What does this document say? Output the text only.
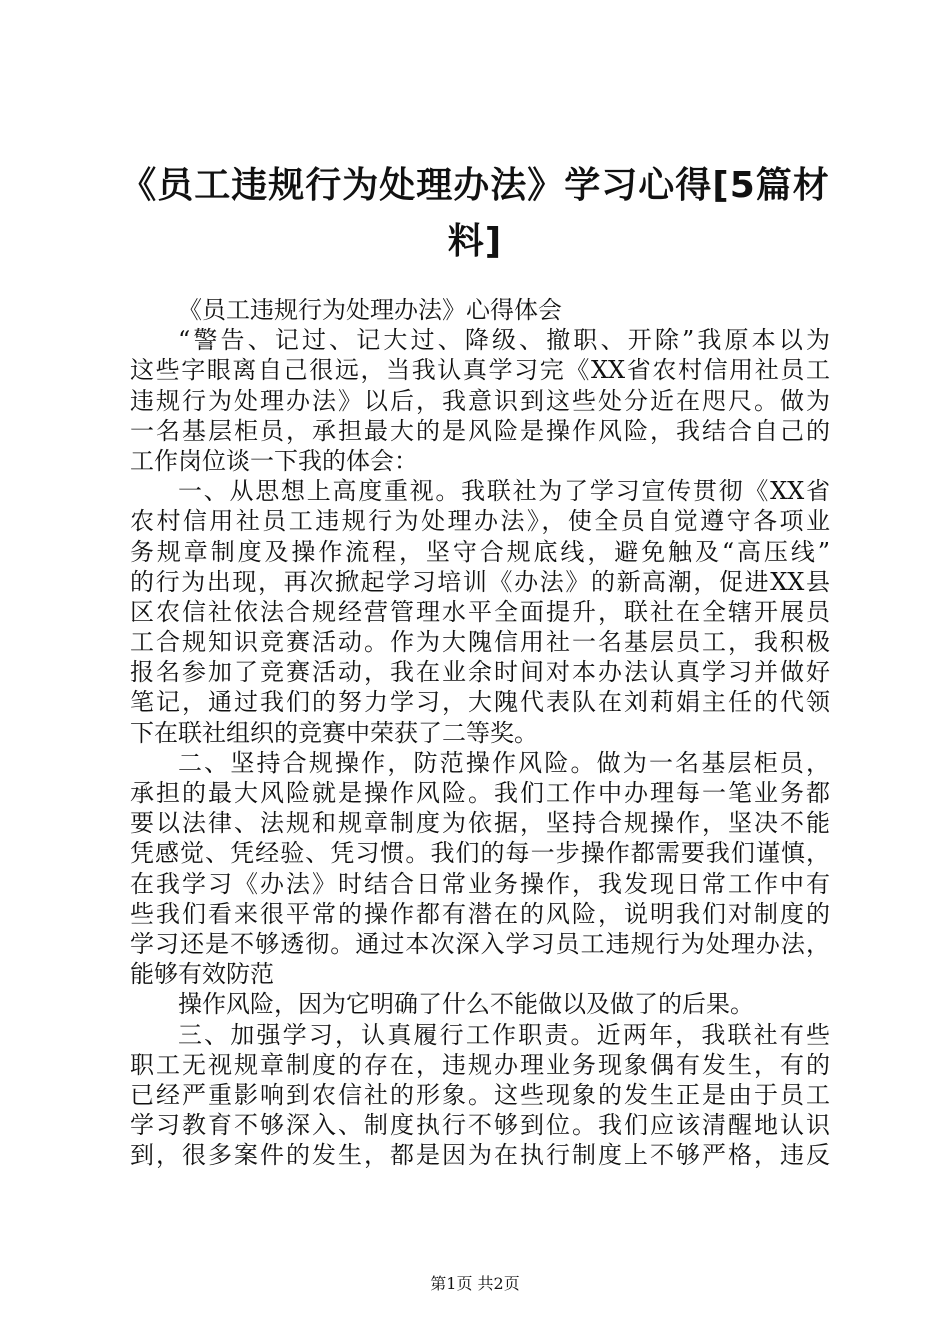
《员工违规行为处理办法》学习心得[5篇材
料]
《员工违规行为处理办法》心得体会
“警告、记过、记大过、降级、撤职、开除”我原本以为
这些字眼离自己很远，当我认真学习完《XX省农村信用社员工
违规行为处理办法》以后，我意识到这些处分近在咫尺。做为
一名基层柜员，承担最大的是风险是操作风险，我结合自己的
工作岗位谈一下我的体会：
一、从思想上高度重视。我联社为了学习宣传贯彻《XX省
农村信用社员工违规行为处理办法》，使全员自觉遵守各项业
务规章制度及操作流程，坚守合规底线，避免触及“高压线”
的行为出现，再次掀起学习培训《办法》的新高潮，促进XX县
区农信社依法合规经营管理水平全面提升，联社在全辖开展员
工合规知识竞赛活动。作为大隗信用社一名基层员工，我积极
报名参加了竞赛活动，我在业余时间对本办法认真学习并做好
笔记，通过我们的努力学习，大隗代表队在刘莉娟主任的代领
下在联社组织的竞赛中荣获了二等奖。
二、坚持合规操作，防范操作风险。做为一名基层柜员，
承担的最大风险就是操作风险。我们工作中办理每一笔业务都
要以法律、法规和规章制度为依据，坚持合规操作，坚决不能
凭感觉、凭经验、凭习惯。我们的每一步操作都需要我们谨慎，
在我学习《办法》时结合日常业务操作，我发现日常工作中有
些我们看来很平常的操作都有潜在的风险，说明我们对制度的
学习还是不够透彻。通过本次深入学习员工违规行为处理办法，
能够有效防范
操作风险，因为它明确了什么不能做以及做了的后果。
三、加强学习，认真履行工作职责。近两年，我联社有些
职工无视规章制度的存在，违规办理业务现象偶有发生，有的
已经严重影响到农信社的形象。这些现象的发生正是由于员工
学习教育不够深入、制度执行不够到位。我们应该清醒地认识
到，很多案件的发生，都是因为在执行制度上不够严格，违反
第1页 共2页
